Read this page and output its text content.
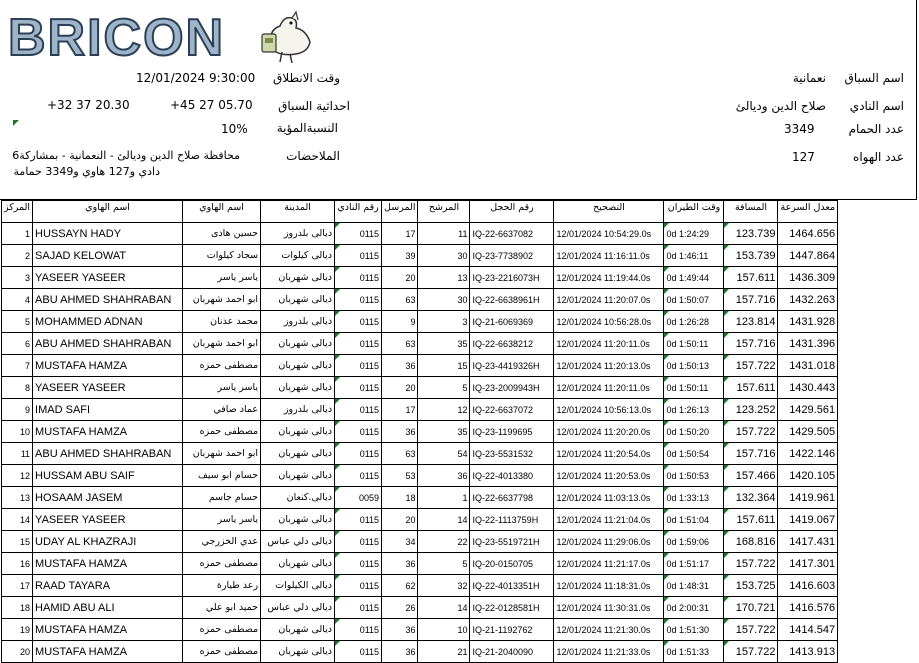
BRICON
اسم السباق
نعمانية
اسم النادي
صلاح الدين وديالئ
عدد الحمام
3349
عدد الهواه
127
وقت الانطلاق
12/01/2024 9:30:00
احداثية السباق
+45 27 05.70
+32 37 20.30
النسبةالمؤية
10%
الملاحضات
محافظة صلاح الدين وديالئ - النعمانية - بمشاركة6
دادي و127 هاوي و3349 حمامة
المركز	اسم الهاوي	اسم الهاوي	المدينة	رقم النادي	المرسل	المرشح	رقم الحجل	التصحيح	وقت الطيران	المسافة	معدل السرعة
1	HUSSAYN HADY	حسين هادى	ديالى بلدروز	0115	17	11	IQ-22-6637082	12/01/2024 10:54:29.0s	0d 1:24:29	123.739	1464.656
2	SAJAD KELOWAT	سجاد كيلوات	ديالى كيلوات	0115	39	30	IQ-23-7738902	12/01/2024 11:16:11.0s	0d 1:46:11	153.739	1447.864
3	YASEER YASEER	ياسر ياسر	ديالى شهربان	0115	20	13	IQ-23-2216073H	12/01/2024 11:19:44.0s	0d 1:49:44	157.611	1436.309
4	ABU AHMED SHAHRABAN	ابو احمد شهربان	ديالى شهربان	0115	63	30	IQ-22-6638961H	12/01/2024 11:20:07.0s	0d 1:50:07	157.716	1432.263
5	MOHAMMED ADNAN	محمد عدنان	ديالى بلدروز	0115	9	3	IQ-21-6069369	12/01/2024 10:56:28.0s	0d 1:26:28	123.814	1431.928
6	ABU AHMED SHAHRABAN	ابو احمد شهربان	ديالى شهربان	0115	63	35	IQ-22-6638212	12/01/2024 11:20:11.0s	0d 1:50:11	157.716	1431.396
7	MUSTAFA HAMZA	مصطفى حمزه	ديالى شهربان	0115	36	15	IQ-23-4419326H	12/01/2024 11:20:13.0s	0d 1:50:13	157.722	1431.018
8	YASEER YASEER	ياسر ياسر	ديالى شهربان	0115	20	5	IQ-23-2009943H	12/01/2024 11:20:11.0s	0d 1:50:11	157.611	1430.443
9	IMAD SAFI	عماد صافي	ديالى بلدروز	0115	17	12	IQ-22-6637072	12/01/2024 10:56:13.0s	0d 1:26:13	123.252	1429.561
10	MUSTAFA HAMZA	مصطفى حمزه	ديالى شهربان	0115	36	35	IQ-23-1199695	12/01/2024 11:20:20.0s	0d 1:50:20	157.722	1429.505
11	ABU AHMED SHAHRABAN	ابو احمد شهربان	ديالى شهربان	0115	63	54	IQ-23-5531532	12/01/2024 11:20:54.0s	0d 1:50:54	157.716	1422.146
12	HUSSAM ABU SAIF	حسام ابو سيف	ديالى شهربان	0115	53	36	IQ-22-4013380	12/01/2024 11:20:53.0s	0d 1:50:53	157.466	1420.105
13	HOSAAM JASEM	حسام جاسم	ديالى.كنعان	0059	18	1	IQ-22-6637798	12/01/2024 11:03:13.0s	0d 1:33:13	132.364	1419.961
14	YASEER YASEER	ياسر ياسر	ديالى شهربان	0115	20	14	IQ-22-1113759H	12/01/2024 11:21:04.0s	0d 1:51:04	157.611	1419.067
15	UDAY AL KHAZRAJI	عدي الخزرجي	ديالى دلي عباس	0115	34	22	IQ-23-5519721H	12/01/2024 11:29:06.0s	0d 1:59:06	168.816	1417.431
16	MUSTAFA HAMZA	مصطفى حمزه	ديالى شهربان	0115	36	5	IQ-20-0150705	12/01/2024 11:21:17.0s	0d 1:51:17	157.722	1417.301
17	RAAD TAYARA	رعد طيارة	ديالى الكيلوات	0115	62	32	IQ-22-4013351H	12/01/2024 11:18:31.0s	0d 1:48:31	153.725	1416.603
18	HAMID ABU ALI	حميد ابو علي	ديالى دلي عباس	0115	26	14	IQ-22-0128581H	12/01/2024 11:30:31.0s	0d 2:00:31	170.721	1416.576
19	MUSTAFA HAMZA	مصطفى حمزه	ديالى شهربان	0115	36	10	IQ-21-1192762	12/01/2024 11:21:30.0s	0d 1:51:30	157.722	1414.547
20	MUSTAFA HAMZA	مصطفى حمزه	ديالى شهربان	0115	36	21	IQ-21-2040090	12/01/2024 11:21:33.0s	0d 1:51:33	157.722	1413.913
